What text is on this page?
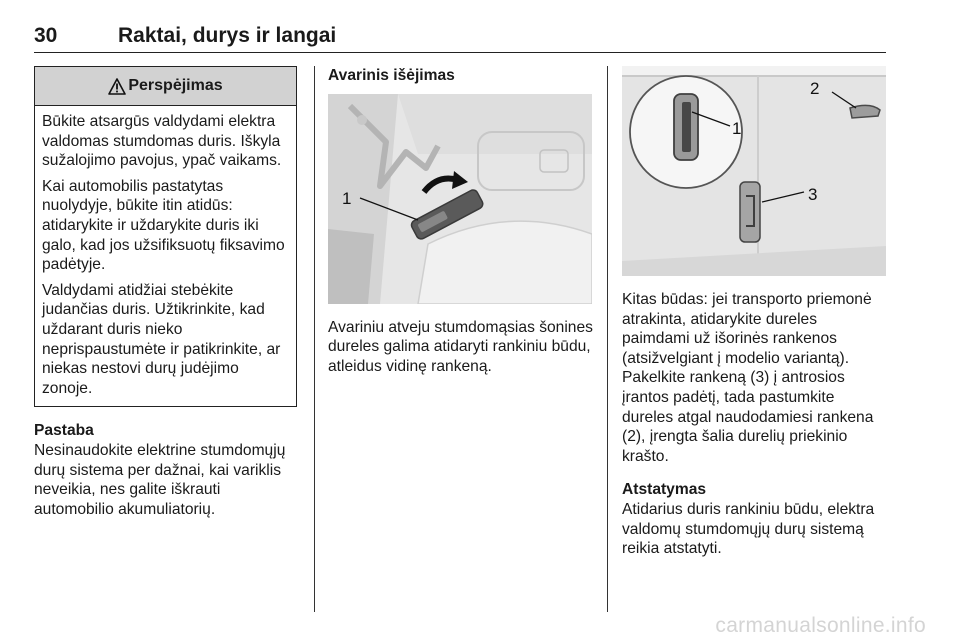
30	Raktai, durys ir langai
Perspėjimas

Būkite atsargūs valdydami elektra valdomas stumdomas duris. Iškyla sužalojimo pavojus, ypač vaikams.

Kai automobilis pastatytas nuolydyje, būkite itin atidūs: atidarykite ir uždarykite duris iki galo, kad jos užsifiksuotų fiksavimo padėtyje.

Valdydami atidžiai stebėkite judančias duris. Užtikrinkite, kad uždarant duris nieko neprispaustumėte ir patikrinkite, ar niekas nestovi durų judėjimo zonoje.

Pastaba

Nesinaudokite elektrine stumdomųjų durų sistema per dažnai, kai variklis neveikia, nes galite iškrauti automobilio akumuliatorių.

Avarinis išėjimas
1

Avariniu atveju stumdomąsias šonines dureles galima atidaryti rankiniu būdu, atleidus vidinę rankeną.

1
2
3

Kitas būdas: jei transporto priemonė atrakinta, atidarykite dureles paimdami už išorinės rankenos (atsižvelgiant į modelio variantą). Pakelkite rankeną (3) į antrosios įrantos padėtį, tada pastumkite dureles atgal naudodamiesi rankena (2), įrengta šalia durelių priekinio krašto.

Atstatymas

Atidarius duris rankiniu būdu, elektra valdomų stumdomųjų durų sistemą reikia atstatyti.

carmanualsonline.info
